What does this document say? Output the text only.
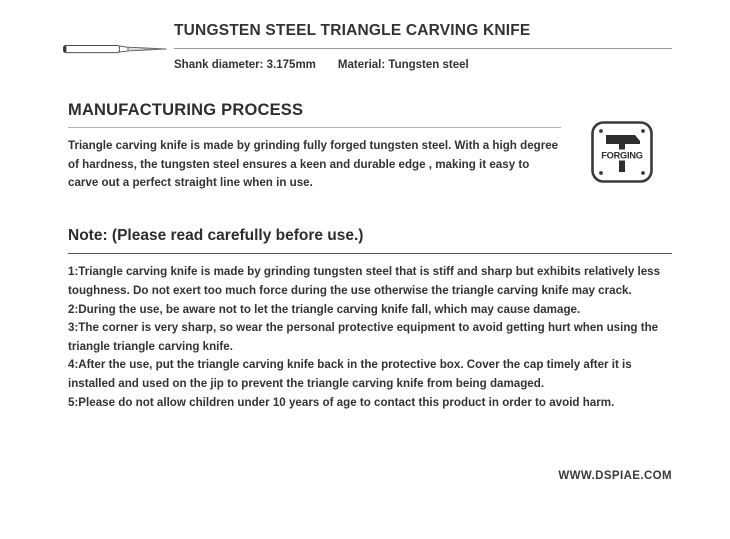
TUNGSTEN STEEL TRIANGLE CARVING KNIFE
Shank diameter: 3.175mm Material: Tungsten steel
MANUFACTURING PROCESS
Triangle carving knife is made by grinding fully forged tungsten steel. With a high degree of hardness, the tungsten steel ensures a keen and durable edge , making it easy to carve out a perfect straight line when in use.
FORGING
Note: (Please read carefully before use.)
1:Triangle carving knife is made by grinding tungsten steel that is stiff and sharp but exhibits relatively less toughness. Do not exert too much force during the use otherwise the triangle carving knife may crack.
2:During the use, be aware not to let the triangle carving knife fall, which may cause damage.
3:The corner is very sharp, so wear the personal protective equipment to avoid getting hurt when using the triangle triangle carving knife.
4:After the use, put the triangle carving knife back in the protective box. Cover the cap timely after it is installed and used on the jip to prevent the triangle carving knife from being damaged.
5:Please do not allow children under 10 years of age to contact this product in order to avoid harm.
WWW.DSPIAE.COM
